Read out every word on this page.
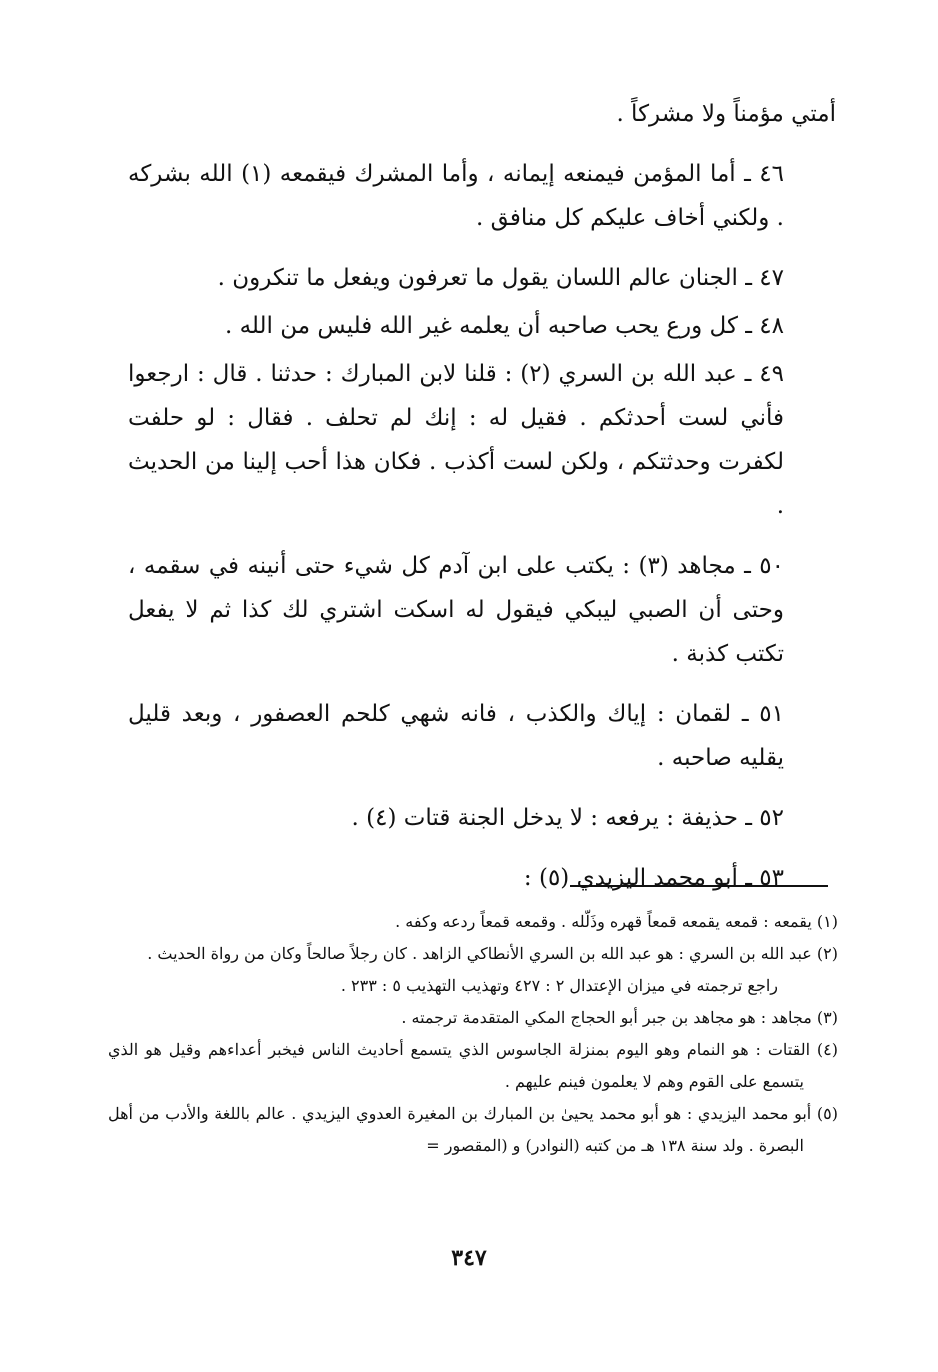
أمتي مؤمناً ولا مشركاً .

٤٦ ـ أما المؤمن فيمنعه إيمانه ، وأما المشرك فيقمعه (١) الله بشركه . ولكني أخاف عليكم كل منافق .

٤٧ ـ الجنان عالم اللسان يقول ما تعرفون ويفعل ما تنكرون .

٤٨ ـ كل ورع يحب صاحبه أن يعلمه غير الله فليس من الله .

٤٩ ـ عبد الله بن السري (٢) : قلنا لابن المبارك : حدثنا . قال : ارجعوا فأني لست أحدثكم . فقيل له : إنك لم تحلف . فقال : لو حلفت لكفرت وحدثتكم ، ولكن لست أكذب . فكان هذا أحب إلينا من الحديث .

٥٠ ـ مجاهد (٣) : يكتب على ابن آدم كل شيء حتى أنينه في سقمه ، وحتى أن الصبي ليبكي فيقول له اسكت اشتري لك كذا ثم لا يفعل تكتب كذبة .

٥١ ـ لقمان : إياك والكذب ، فانه شهي كلحم العصفور ، وبعد قليل يقليه صاحبه .

٥٢ ـ حذيفة : يرفعه : لا يدخل الجنة قتات (٤) .

٥٣ ـ أبو محمد اليزيدي (٥) :

(١) يقمعه : قمعه يقمعه قمعاً قهره وذَلّله . وقمعه قمعاً ردعه وكفه .

(٢) عبد الله بن السري : هو عبد الله بن السري الأنطاكي الزاهد . كان رجلاً صالحاً وكان من رواة الحديث .

راجع ترجمته في ميزان الإعتدال ٢ : ٤٢٧ وتهذيب التهذيب ٥ : ٢٣٣ .

(٣) مجاهد : هو مجاهد بن جبر أبو الحجاج المكي المتقدمة ترجمته .

(٤) القتات : هو النمام وهو اليوم بمنزلة الجاسوس الذي يتسمع أحاديث الناس فيخبر أعداءهم وقيل هو الذي يتسمع على القوم وهم لا يعلمون فينم عليهم .

(٥) أبو محمد اليزيدي : هو أبو محمد يحيىٰ بن المبارك بن المغيرة العدوي اليزيدي . عالم باللغة والأدب من أهل البصرة . ولد سنة ١٣٨ هـ من كتبه (النوادر) و (المقصور =

٣٤٧
